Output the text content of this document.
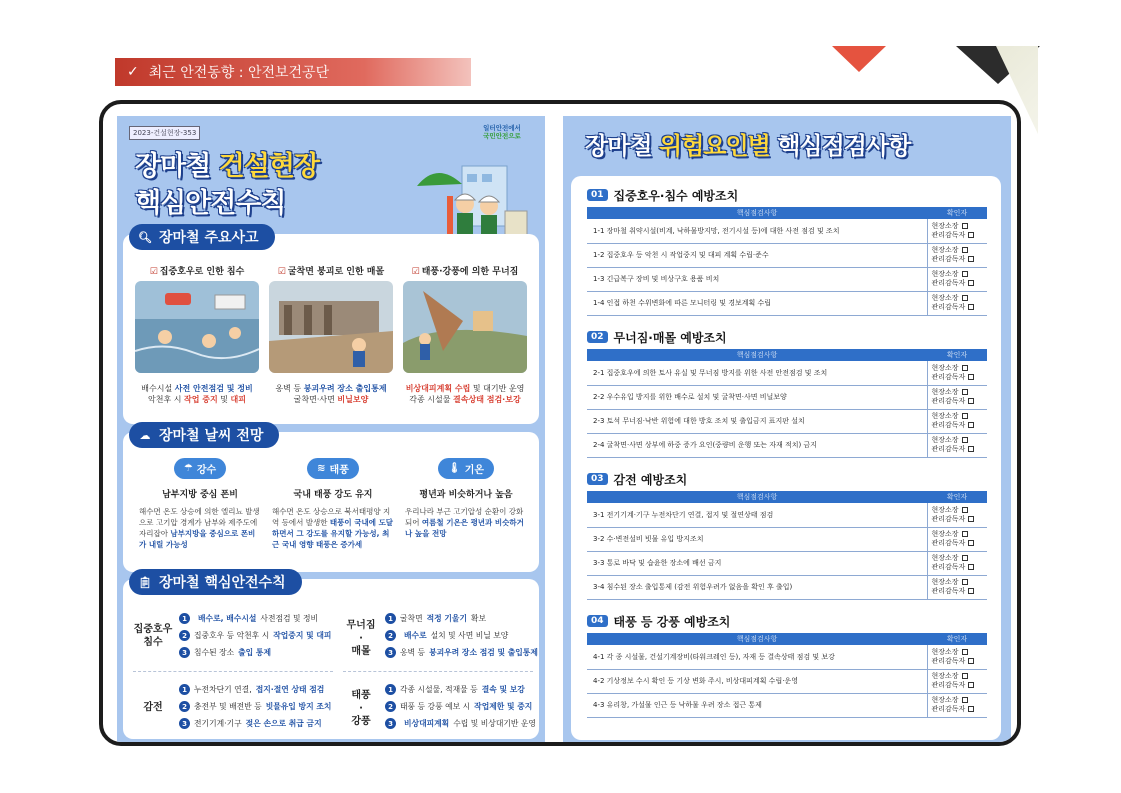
✓ 최근 안전동향 : 안전보건공단
2023-건설현장-353
일터안전에서
국민안전으로
장마철 건설현장
핵심안전수칙
🔍︎ 장마철 주요사고
☑ 집중호우로 인한 침수
배수시설 사전 안전점검 및 정비
악천후 시 작업 중지 및 대피
☑ 굴착면 붕괴로 인한 매몰
옹벽 등 붕괴우려 장소 출입통제
굴착면·사면 비닐보양
☑ 태풍·강풍에 의한 무너짐
비상대피계획 수립 및 대기반 운영
각종 시설물 결속상태 점검·보강
☁ 장마철 날씨 전망
☂ 강수
남부지방 중심 폰비
해수면 온도 상승에 의한 엘리뇨 발생으로 고기압 경계가 남부와 제주도에 자리잡아 남부지방을 중심으로 폰비가 내릴 가능성
≋ 태풍
국내 태풍 강도 유지
해수면 온도 상승으로 북서태평양 지역 등에서 발생한 태풍이 국내에 도달하면서 그 강도를 유지할 가능성, 최근 국내 영향 태풍은 증가세
🌡︎ 기온
평년과 비슷하거나 높음
우리나라 부근 고기압성 순환이 강화되어 여름철 기온은 평년과 비슷하거나 높을 전망
📋︎ 장마철 핵심안전수칙
집중호우
침수
1	배수로, 배수시설 사전점검 및 정비
2 집중호우 등 악천후 시 작업중지 및 대피
3 침수된 장소 출입 통제
무너짐
·
매몰
1 굴착면 적정 기울기 확보
2	배수로 설치 및 사면 비닐 보양
3 옹벽 등 붕괴우려 장소 점검 및 출입통제
감전
1 누전차단기 연결, 접지·절연 상태 점검
2 충전부 및 배전반 등 빗물유입 방지 조치
3 전기기계·기구 젖은 손으로 취급 금지
태풍
·
강풍
1 각종 시설물, 적재물 등 결속 및 보강
2 태풍 등 강풍 예보 시 작업제한 및 중지
3	비상대피계획 수립 및 비상대기반 운영
장마철 위험요인별 핵심점검사항
01 집중호우·침수 예방조치
핵심점검사항	확인자
1-1 장마철 취약시설(비계, 낙하물방지망, 전기시설 등)에 대한 사전 점검 및 조치	현장소장
관리감독자

1-2 집중호우 등 악천 시 작업중지 및 대피 계획 수립·준수	현장소장
관리감독자

1-3 긴급복구 장비 및 비상구호 용품 비치	현장소장
관리감독자

1-4 인접 하천 수위변화에 따른 모니터링 및 경보계획 수립	현장소장
관리감독자
02 무너짐·매몰 예방조치
핵심점검사항	확인자
2-1 집중호우에 의한 토사 유실 및 무너짐 방지를 위한 사전 안전점검 및 조치	현장소장
관리감독자

2-2 우수유입 방지를 위한 배수로 설치 및 굴착면·사면 비닐보양	현장소장
관리감독자

2-3 토석 무너짐·낙반 위험에 대한 방호 조치 및 출입금지 표지판 설치	현장소장
관리감독자

2-4 굴착면·사면 상부에 하중 증가 요인(중량비 운행 또는 자재 적치) 금지	현장소장
관리감독자
03 감전 예방조치
핵심점검사항	확인자
3-1 전기기계·기구 누전차단기 연결, 접지 및 절연상태 점검	현장소장
관리감독자

3-2 수·변전설비 빗물 유입 방지조치	현장소장
관리감독자

3-3 통로 바닥 및 습윤한 장소에 배선 금지	현장소장
관리감독자

3-4 침수된 장소 출입통제 (감전 위험우려가 없음을 확인 후 출입)	현장소장
관리감독자
04 태풍 등 강풍 예방조치
핵심점검사항	확인자
4-1 각 종 시설물, 건설기계장비(타워크레인 등), 자재 등 결속상태 점검 및 보강	현장소장
관리감독자

4-2 기상정보 수시 확인 등 기상 변화 주시, 비상대피계획 수립·운영	현장소장
관리감독자

4-3 유리창, 가설물 인근 등 낙하물 우려 장소 접근 통제	현장소장
관리감독자
